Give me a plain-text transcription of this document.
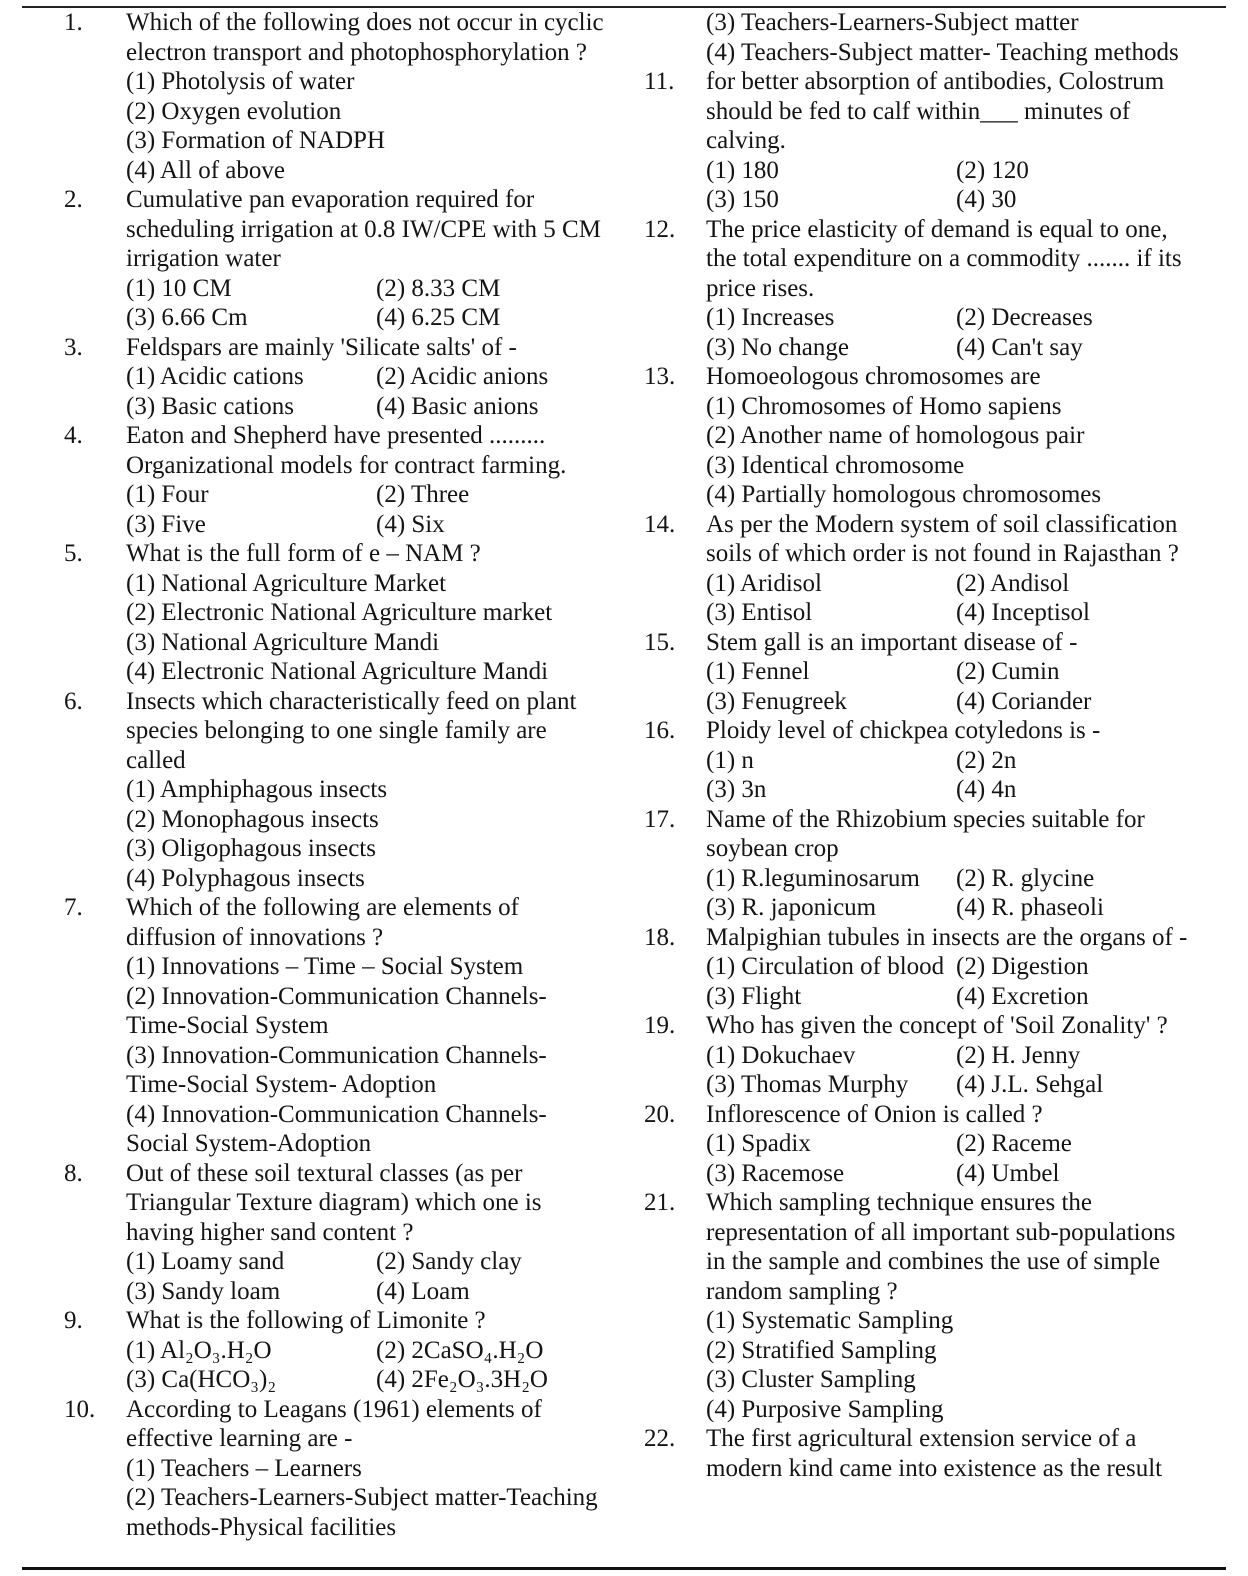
1.	Which of the following does not occur in cyclic electron transport and photophosphorylation ?
(1) Photolysis of water
(2) Oxygen evolution
(3) Formation of NADPH
(4) All of above
2.	Cumulative pan evaporation required for scheduling irrigation at 0.8 IW/CPE with 5 CM irrigation water
(1) 10 CM	(2) 8.33 CM
(3) 6.66 Cm	(4) 6.25 CM
3.	Feldspars are mainly 'Silicate salts' of -
(1) Acidic cations	(2) Acidic anions
(3) Basic cations	(4) Basic anions
4.	Eaton and Shepherd have presented ......... Organizational models for contract farming.
(1) Four	(2) Three
(3) Five	(4) Six
5.	What is the full form of e – NAM ?
(1) National Agriculture Market
(2) Electronic National Agriculture market
(3) National Agriculture Mandi
(4) Electronic National Agriculture Mandi
6.	Insects which characteristically feed on plant species belonging to one single family are called
(1) Amphiphagous insects
(2) Monophagous insects
(3) Oligophagous insects
(4) Polyphagous insects
7.	Which of the following are elements of diffusion of innovations ?
(1) Innovations – Time – Social System
(2) Innovation-Communication Channels-Time-Social System
(3) Innovation-Communication Channels-Time-Social System- Adoption
(4) Innovation-Communication Channels-Social System-Adoption
8.	Out of these soil textural classes (as per Triangular Texture diagram) which one is having higher sand content ?
(1) Loamy sand	(2) Sandy clay
(3) Sandy loam	(4) Loam
9.	What is the following of Limonite ?
(1) Al₂O₃.H₂O	(2) 2CaSO₄.H₂O
(3) Ca(HCO₃)₂	(4) 2Fe₂O₃.3H₂O
10.	According to Leagans (1961) elements of effective learning are -
(1) Teachers – Learners
(2) Teachers-Learners-Subject matter-Teaching methods-Physical facilities
(3) Teachers-Learners-Subject matter
(4) Teachers-Subject matter- Teaching methods
11.	for better absorption of antibodies, Colostrum should be fed to calf within___ minutes of calving.
(1) 180	(2) 120
(3) 150	(4) 30
12.	The price elasticity of demand is equal to one, the total expenditure on a commodity ....... if its price rises.
(1) Increases	(2) Decreases
(3) No change	(4) Can't say
13.	Homoeologous chromosomes are
(1) Chromosomes of Homo sapiens
(2) Another name of homologous pair
(3) Identical chromosome
(4) Partially homologous chromosomes
14.	As per the Modern system of soil classification soils of which order is not found in Rajasthan ?
(1) Aridisol	(2) Andisol
(3) Entisol	(4) Inceptisol
15.	Stem gall is an important disease of -
(1) Fennel	(2) Cumin
(3) Fenugreek	(4) Coriander
16.	Ploidy level of chickpea cotyledons is -
(1) n	(2) 2n
(3) 3n	(4) 4n
17.	Name of the Rhizobium species suitable for soybean crop
(1) R.leguminosarum	(2) R. glycine
(3) R. japonicum	(4) R. phaseoli
18.	Malpighian tubules in insects are the organs of -
(1) Circulation of blood (2) Digestion
(3) Flight	(4) Excretion
19.	Who has given the concept of 'Soil Zonality' ?
(1) Dokuchaev	(2) H. Jenny
(3) Thomas Murphy	(4) J.L. Sehgal
20.	Inflorescence of Onion is called ?
(1) Spadix	(2) Raceme
(3) Racemose	(4) Umbel
21.	Which sampling technique ensures the representation of all important sub-populations in the sample and combines the use of simple random sampling ?
(1) Systematic Sampling
(2) Stratified Sampling
(3) Cluster Sampling
(4) Purposive Sampling
22.	The first agricultural extension service of a modern kind came into existence as the result
